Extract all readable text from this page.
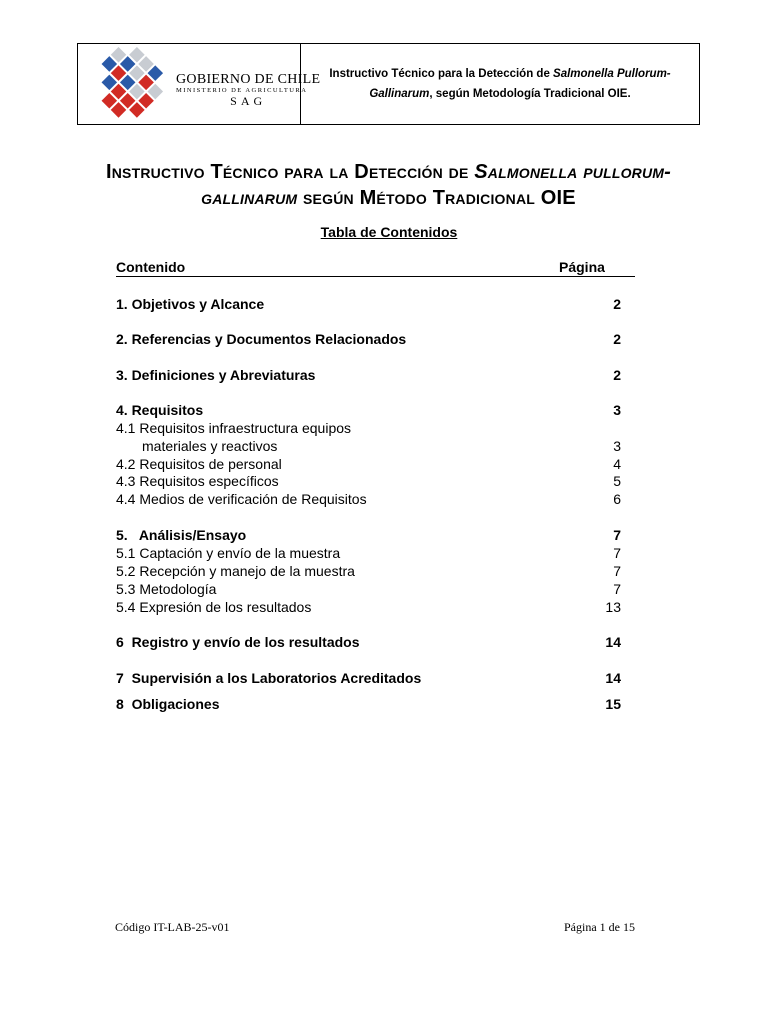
GOBIERNO DE CHILE
MINISTERIO DE AGRICULTURA
SAG
Instructivo Técnico para la Detección de Salmonella Pullorum-Gallinarum, según Metodología Tradicional OIE.
Instructivo Técnico para la Detección de Salmonella pullorum- gallinarum según Método Tradicional OIE
Tabla de Contenidos
Contenido	Página
1. Objetivos y Alcance	2
2. Referencias y Documentos Relacionados	2
3. Definiciones y Abreviaturas	2
4. Requisitos	3
4.1 Requisitos infraestructura equipos
materiales y reactivos	3
4.2 Requisitos de personal	4
4.3 Requisitos específicos	5
4.4 Medios de verificación de Requisitos	6
5.   Análisis/Ensayo	7
5.1 Captación y envío de la muestra	7
5.2 Recepción y manejo de la muestra	7
5.3 Metodología	7
5.4 Expresión de los resultados	13
6  Registro y envío de los resultados	14
7  Supervisión a los Laboratorios Acreditados	14
8  Obligaciones	15
Código IT-LAB-25-v01	Página 1 de 15
